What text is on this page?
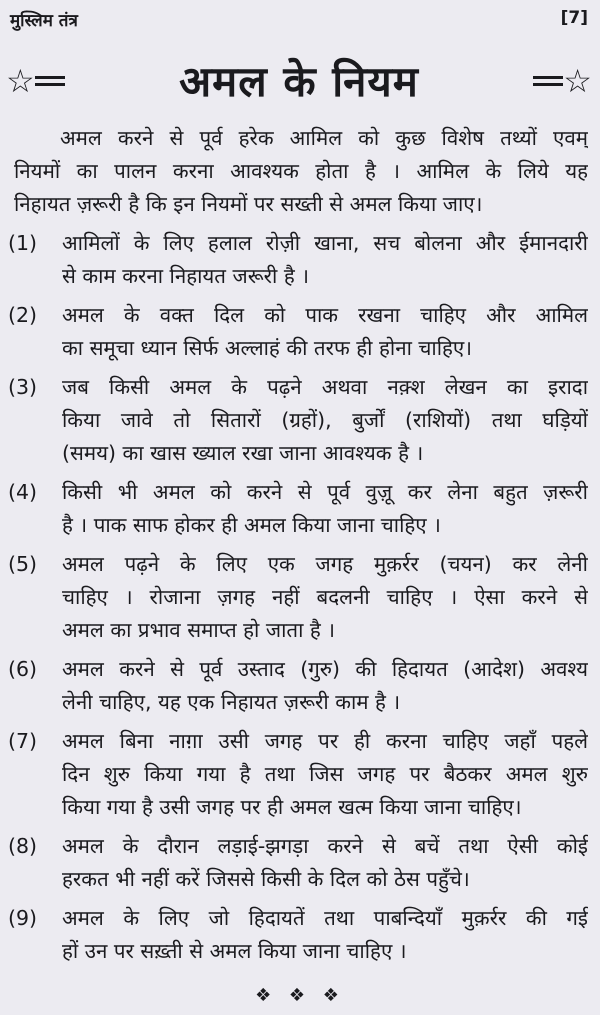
मुस्लिम तंत्र	[7]
☆	अमल के नियम	☆
अमल करने से पूर्व हरेक आमिल को कुछ विशेष तथ्यों एवम्
नियमों का पालन करना आवश्यक होता है । आमिल के लिये यह
निहायत ज़रूरी है कि इन नियमों पर सख्ती से अमल किया जाए।
(1)	आमिलों के लिए हलाल रोज़ी खाना, सच बोलना और ईमानदारी
से काम करना निहायत जरूरी है ।
(2)	अमल के वक्त दिल को पाक रखना चाहिए और आमिल
का समूचा ध्यान सिर्फ अल्लाहं की तरफ ही होना चाहिए।
(3)	जब किसी अमल के पढ़ने अथवा नक़्श लेखन का इरादा
किया जावे तो सितारों (ग्रहों), बुर्जों (राशियों) तथा घड़ियों
(समय) का खास ख्याल रखा जाना आवश्यक है ।
(4)	किसी भी अमल को करने से पूर्व वुज़ू कर लेना बहुत ज़रूरी
है । पाक साफ होकर ही अमल किया जाना चाहिए ।
(5)	अमल पढ़ने के लिए एक जगह मुक़र्रर (चयन) कर लेनी
चाहिए । रोजाना ज़गह नहीं बदलनी चाहिए । ऐसा करने से
अमल का प्रभाव समाप्त हो जाता है ।
(6)	अमल करने से पूर्व उस्ताद (गुरु) की हिदायत (आदेश) अवश्य
लेनी चाहिए, यह एक निहायत ज़रूरी काम है ।
(7)	अमल बिना नाग़ा उसी जगह पर ही करना चाहिए जहाँ पहले
दिन शुरु किया गया है तथा जिस जगह पर बैठकर अमल शुरु
किया गया है उसी जगह पर ही अमल खत्म किया जाना चाहिए।
(8)	अमल के दौरान लड़ाई-झगड़ा करने से बचें तथा ऐसी कोई
हरकत भी नहीं करें जिससे किसी के दिल को ठेस पहुँचे।
(9)	अमल के लिए जो हिदायतें तथा पाबन्दियाँ मुक़र्रर की गई
हों उन पर सख़्ती से अमल किया जाना चाहिए ।
❖ ❖ ❖
